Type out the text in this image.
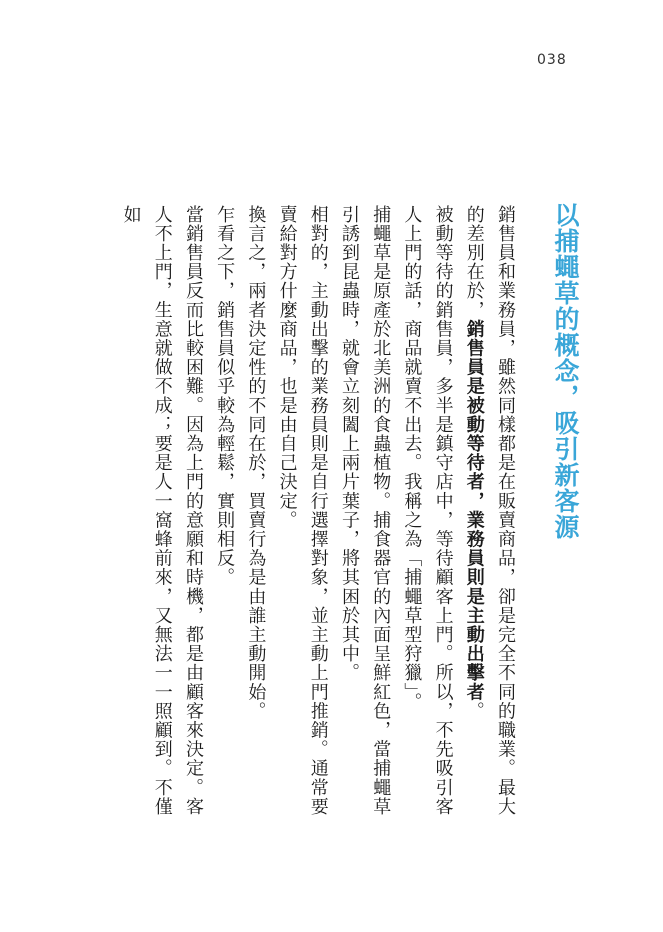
038
以捕蠅草的概念，吸引新客源

銷售員和業務員，雖然同樣都是在販賣商品，卻是完全不同的職業。最大的差別在於，銷售員是被動等待者，業務員則是主動出擊者。

被動等待的銷售員，多半是鎮守店中，等待顧客上門。所以，不先吸引客人上門的話，商品就賣不出去。我稱之為「捕蠅草型狩獵」。

捕蠅草是原產於北美洲的食蟲植物。捕食器官的內面呈鮮紅色，當捕蠅草引誘到昆蟲時，就會立刻闔上兩片葉子，將其困於其中。

相對的，主動出擊的業務員則是自行選擇對象，並主動上門推銷。通常要賣給對方什麼商品，也是由自己決定。

換言之，兩者決定性的不同在於，買賣行為是由誰主動開始。

乍看之下，銷售員似乎較為輕鬆，實則相反。

當銷售員反而比較困難。因為上門的意願和時機，都是由顧客來決定。客人不上門，生意就做不成；要是人一窩蜂前來，又無法一一照顧到。不僅如
